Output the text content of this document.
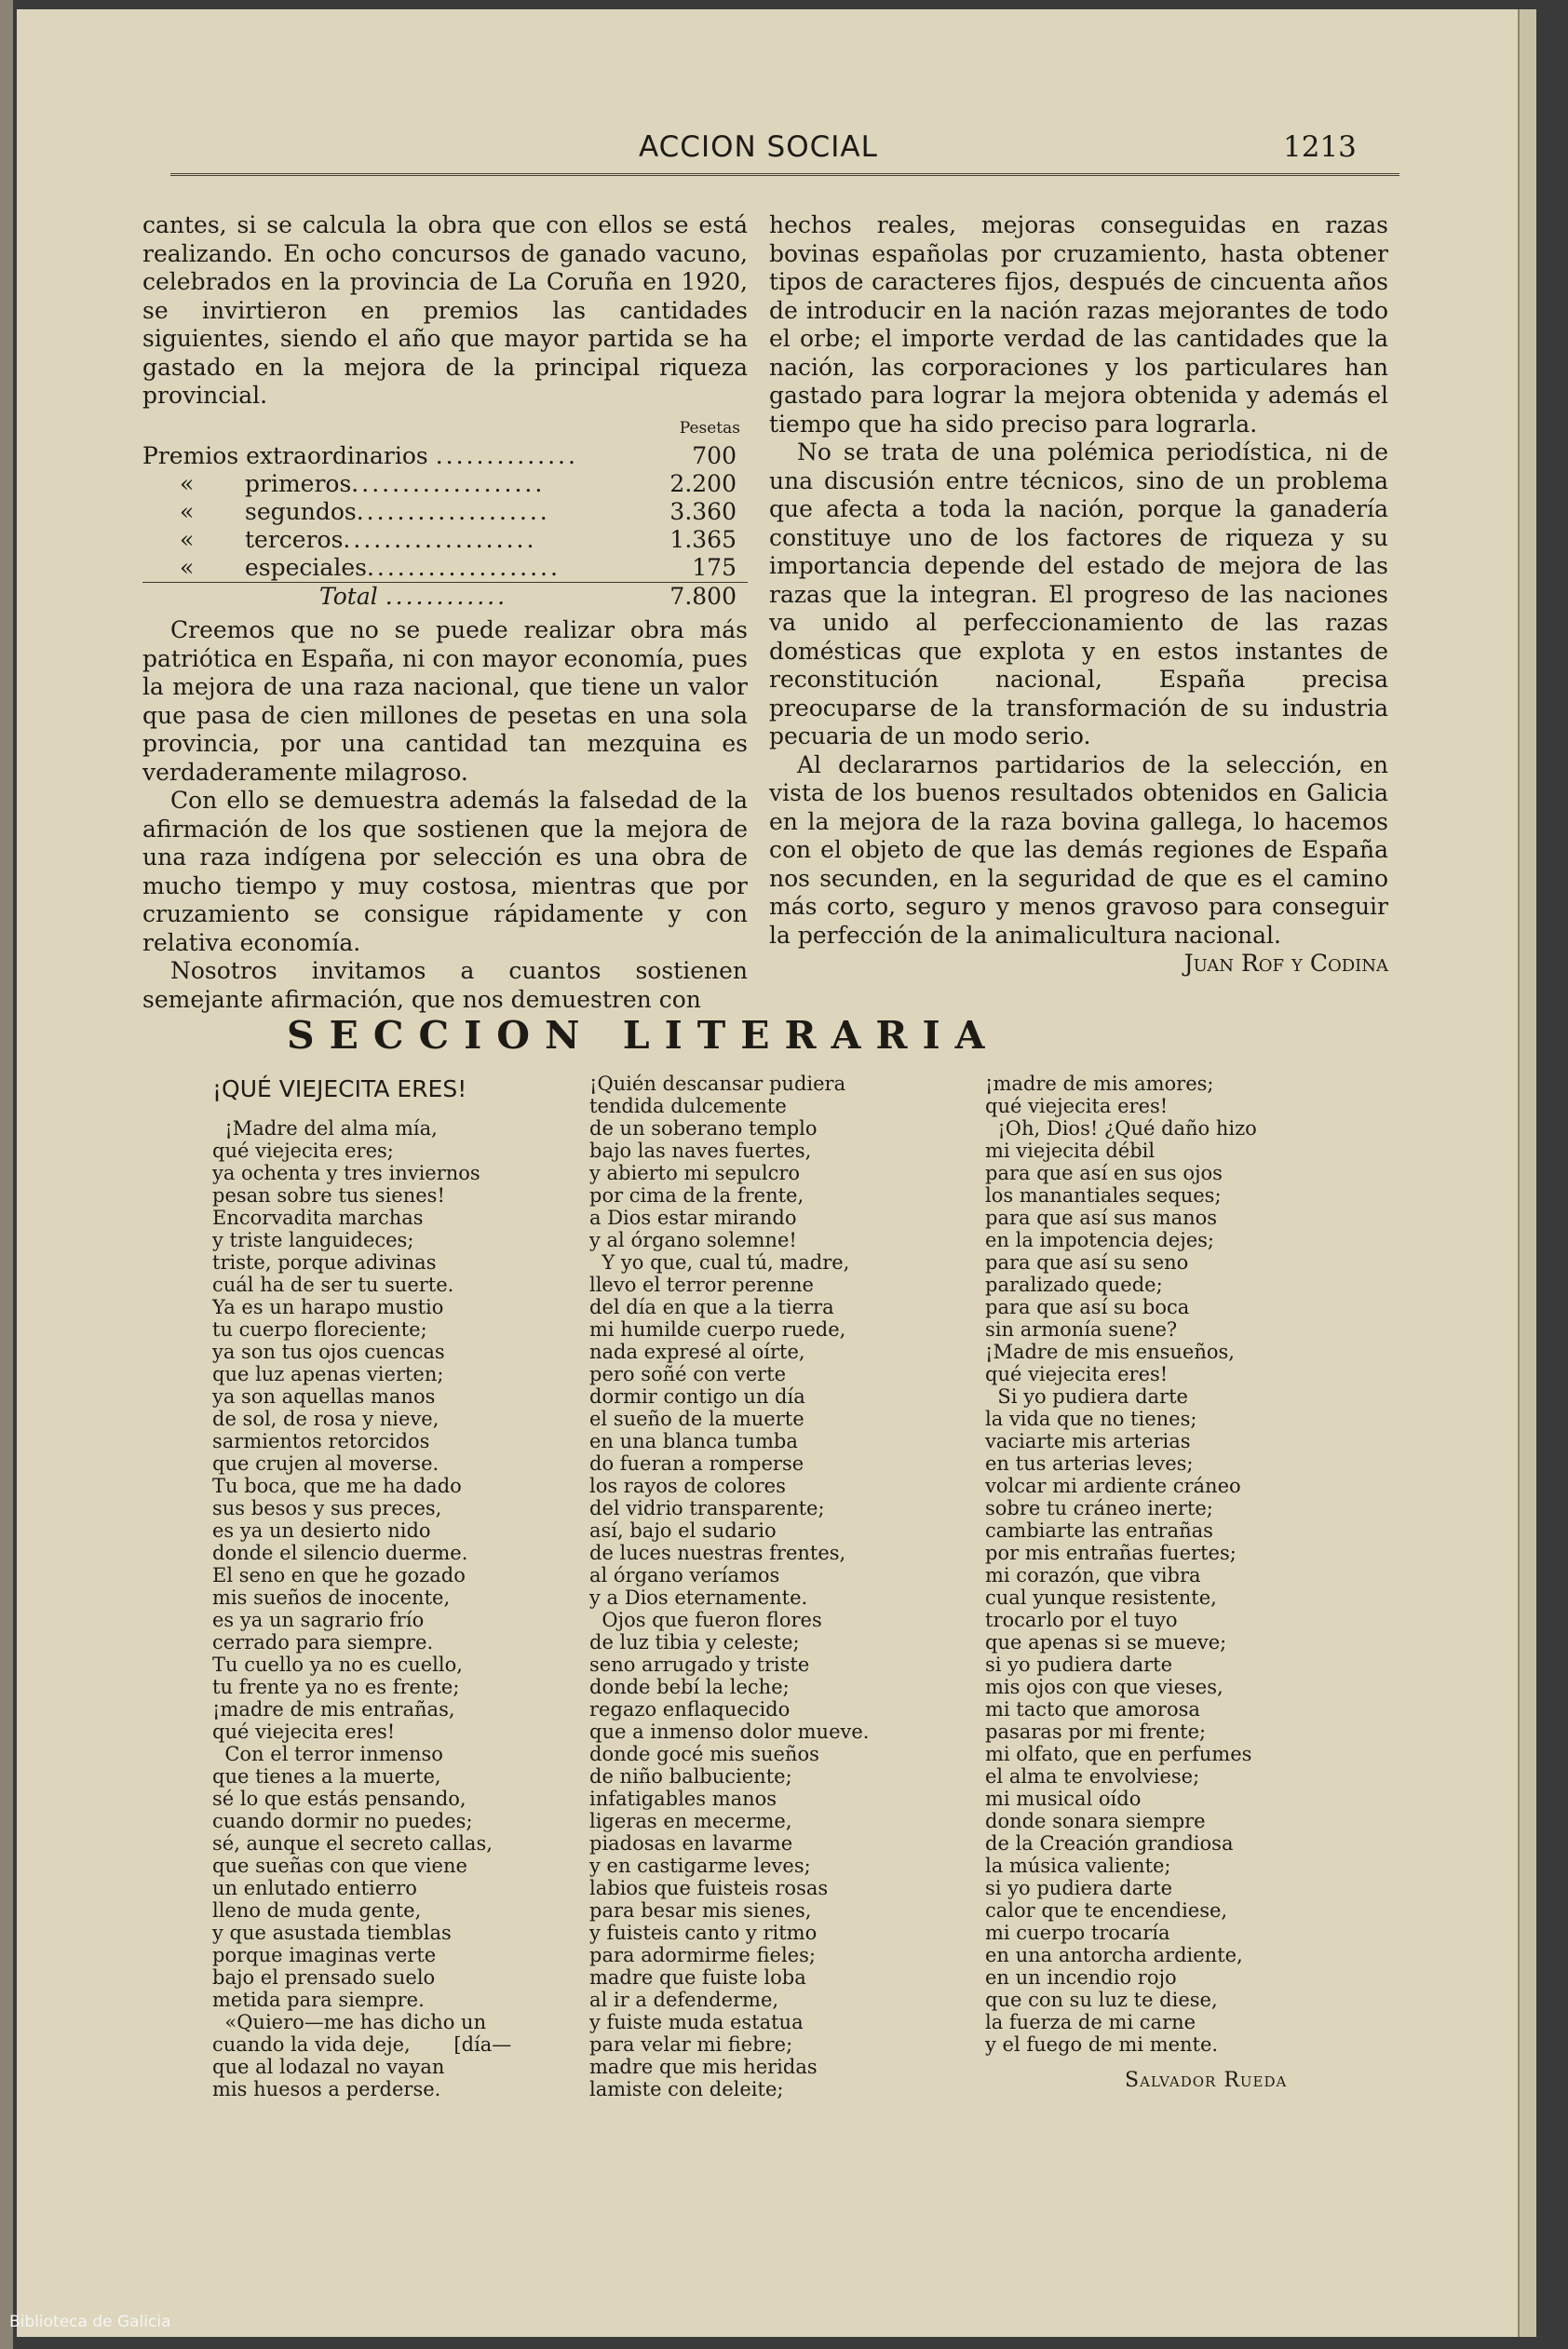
ACCION SOCIAL	1213

cantes, si se calcula la obra que con ellos se está realizando. En ocho concursos de ganado vacuno, celebrados en la provincia de La Coruña en 1920, se invirtieron en premios las cantidades siguientes, siendo el año que mayor partida se ha gastado en la mejora de la principal riqueza provincial.

Pesetas
Premios extraordinarios ..............	700
« primeros...................	2.200
« segundos...................	3.360
« terceros...................	1.365
« especiales...................	175
Total ............	7.800

Creemos que no se puede realizar obra más patriótica en España, ni con mayor economía, pues la mejora de una raza nacional, que tiene un valor que pasa de cien millones de pesetas en una sola provincia, por una cantidad tan mezquina es verdaderamente milagroso.

Con ello se demuestra además la falsedad de la afirmación de los que sostienen que la mejora de una raza indígena por selección es una obra de mucho tiempo y muy costosa, mientras que por cruzamiento se consigue rápidamente y con relativa economía.

Nosotros invitamos a cuantos sostienen semejante afirmación, que nos demuestren con

hechos reales, mejoras conseguidas en razas bovinas españolas por cruzamiento, hasta obtener tipos de caracteres fijos, después de cincuenta años de introducir en la nación razas mejorantes de todo el orbe; el importe verdad de las cantidades que la nación, las corporaciones y los particulares han gastado para lograr la mejora obtenida y además el tiempo que ha sido preciso para lograrla.

No se trata de una polémica periodística, ni de una discusión entre técnicos, sino de un problema que afecta a toda la nación, porque la ganadería constituye uno de los factores de riqueza y su importancia depende del estado de mejora de las razas que la integran. El progreso de las naciones va unido al perfeccionamiento de las razas domésticas que explota y en estos instantes de reconstitución nacional, España precisa preocuparse de la transformación de su industria pecuaria de un modo serio.

Al declararnos partidarios de la selección, en vista de los buenos resultados obtenidos en Galicia en la mejora de la raza bovina gallega, lo hacemos con el objeto de que las demás regiones de España nos secunden, en la seguridad de que es el camino más corto, seguro y menos gravoso para conseguir la perfección de la animalicultura nacional.

Juan Rof y Codina

SECCION LITERARIA
¡QUÉ VIEJECITA ERES!
¡Madre del alma mía,
qué viejecita eres;
ya ochenta y tres inviernos
pesan sobre tus sienes!
Encorvadita marchas
y triste languideces;
triste, porque adivinas
cuál ha de ser tu suerte.
Ya es un harapo mustio
tu cuerpo floreciente;
ya son tus ojos cuencas
que luz apenas vierten;
ya son aquellas manos
de sol, de rosa y nieve,
sarmientos retorcidos
que crujen al moverse.
Tu boca, que me ha dado
sus besos y sus preces,
es ya un desierto nido
donde el silencio duerme.
El seno en que he gozado
mis sueños de inocente,
es ya un sagrario frío
cerrado para siempre.
Tu cuello ya no es cuello,
tu frente ya no es frente;
¡madre de mis entrañas,
qué viejecita eres!
Con el terror inmenso
que tienes a la muerte,
sé lo que estás pensando,
cuando dormir no puedes;
sé, aunque el secreto callas,
que sueñas con que viene
un enlutado entierro
lleno de muda gente,
y que asustada tiemblas
porque imaginas verte
bajo el prensado suelo
metida para siempre.
«Quiero—me has dicho un
cuando la vida deje,       [día—
que al lodazal no vayan
mis huesos a perderse.
¡Quién descansar pudiera
tendida dulcemente
de un soberano templo
bajo las naves fuertes,
y abierto mi sepulcro
por cima de la frente,
a Dios estar mirando
y al órgano solemne!
Y yo que, cual tú, madre,
llevo el terror perenne
del día en que a la tierra
mi humilde cuerpo ruede,
nada expresé al oírte,
pero soñé con verte
dormir contigo un día
el sueño de la muerte
en una blanca tumba
do fueran a romperse
los rayos de colores
del vidrio transparente;
así, bajo el sudario
de luces nuestras frentes,
al órgano veríamos
y a Dios eternamente.
Ojos que fueron flores
de luz tibia y celeste;
seno arrugado y triste
donde bebí la leche;
regazo enflaquecido
que a inmenso dolor mueve.
donde gocé mis sueños
de niño balbuciente;
infatigables manos
ligeras en mecerme,
piadosas en lavarme
y en castigarme leves;
labios que fuisteis rosas
para besar mis sienes,
y fuisteis canto y ritmo
para adormirme fieles;
madre que fuiste loba
al ir a defenderme,
y fuiste muda estatua
para velar mi fiebre;
madre que mis heridas
lamiste con deleite;
¡madre de mis amores;
qué viejecita eres!
¡Oh, Dios! ¿Qué daño hizo
mi viejecita débil
para que así en sus ojos
los manantiales seques;
para que así sus manos
en la impotencia dejes;
para que así su seno
paralizado quede;
para que así su boca
sin armonía suene?
¡Madre de mis ensueños,
qué viejecita eres!
Si yo pudiera darte
la vida que no tienes;
vaciarte mis arterias
en tus arterias leves;
volcar mi ardiente cráneo
sobre tu cráneo inerte;
cambiarte las entrañas
por mis entrañas fuertes;
mi corazón, que vibra
cual yunque resistente,
trocarlo por el tuyo
que apenas si se mueve;
si yo pudiera darte
mis ojos con que vieses,
mi tacto que amorosa
pasaras por mi frente;
mi olfato, que en perfumes
el alma te envolviese;
mi musical oído
donde sonara siempre
de la Creación grandiosa
la música valiente;
si yo pudiera darte
calor que te encendiese,
mi cuerpo trocaría
en una antorcha ardiente,
en un incendio rojo
que con su luz te diese,
la fuerza de mi carne
y el fuego de mi mente.
Salvador Rueda
Biblioteca de Galicia
